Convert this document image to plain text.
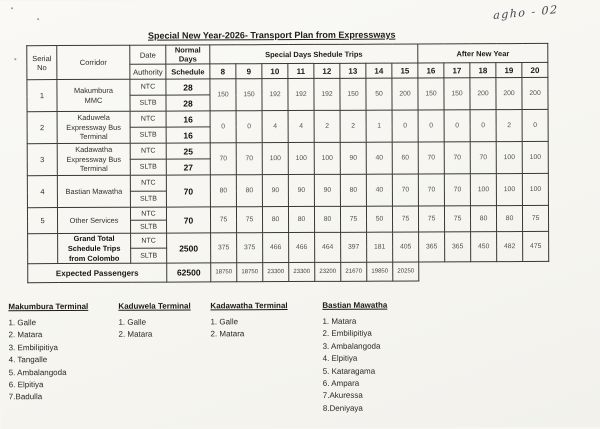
agho - 02
Special New Year-2026- Transport Plan from Expressways
Serial No	Corridor	Date	Normal Days	Special Days Shedule Trips								After New Year				
		Authority	Schedule	8	9	10	11	12	13	14	15	16	17	18	19	20
1	Makumbura
MMC	NTC	28	150	150	192	192	192	150	50	200	150	150	200	200	200
		SLTB	28													
2	Kaduwela
Expressway Bus
Terminal	NTC	16	0	0	4	4	2	2	1	0	0	0	0	2	0
		SLTB	16													
3	Kadawatha
Expressway Bus
Terminal	NTC	25	70	70	100	100	100	90	40	60	70	70	70	100	100
		SLTB	27													
4	Bastian Mawatha	NTC	70	80	80	90	90	90	80	40	70	70	70	100	100	100
		SLTB														
5	Other Services	NTC	70	75	75	80	80	80	75	50	75	75	75	80	80	75
		SLTB														
	Grand Total
Schedule Trips
from Colombo	NTC	2500	375	375	466	466	464	397	181	405	365	365	450	482	475
		SLTB														
Expected Passengers			62500	18750	18750	23300	23300	23200	21670	19850	20250					
Makumbura Terminal
1. Galle
2. Matara
3. Embilipitiya
4. Tangalle
5. Ambalangoda
6. Elpitiya
7.Badulla
Kaduwela Terminal
1. Galle
2. Matara
Kadawatha Terminal
1. Galle
2. Matara
Bastian Mawatha
1. Matara
2. Embilipitiya
3. Ambalangoda
4. Elpitiya
5. Kataragama
6. Ampara
7.Akuressa
8.Deniyaya
